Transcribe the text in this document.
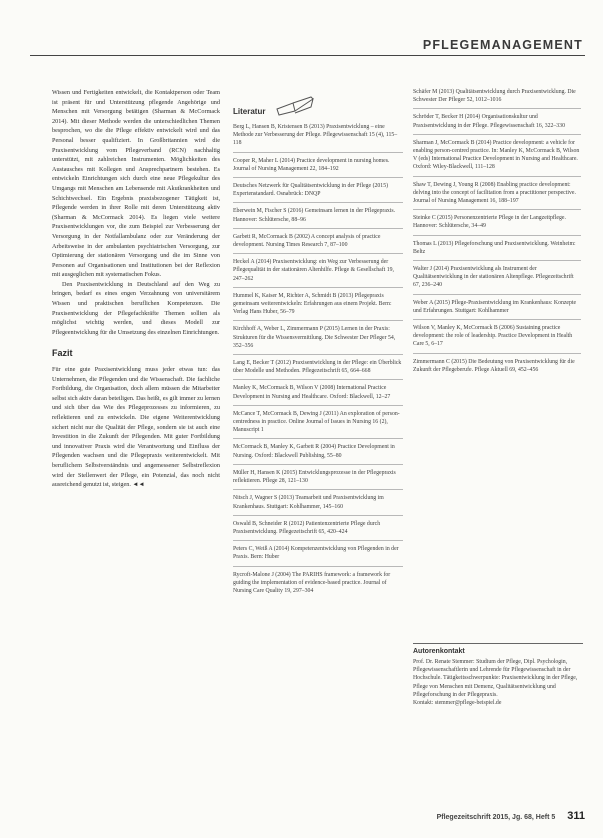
PFLEGEMANAGEMENT

Wissen und Fertigkeiten entwickelt, die Kontaktperson oder Team ist präsent für und Unterstützung pflegende Angehörige und Menschen mit Versorgung betätigen (Sharman & McCormack 2014). Mit dieser Methode werden die unterschiedlichen Themen besprochen, wo die die Pflege effektiv entwickelt wird und das Personal besser qualifiziert. In Großbritannien wird die Praxisentwicklung vom Pflegeverband (RCN) nachhaltig unterstützt, mit zahlreichen Instrumenten. Möglichkeiten des Austausches mit Kollegen und Ansprechpartnern bestehen. Es entwickeln Einrichtungen sich durch eine neue Pflegekultur des Umgangs mit Menschen am Lebensende mit Akutkrankheiten und Schichtwechsel. Ein Ergebnis praxisbezogener Tätigkeit ist, Pflegende werden in ihrer Rolle mit deren Unterstützung aktiv (Sharman & McCormack 2014). Es liegen viele weitere Praxisentwicklungen vor, die zum Beispiel zur Verbesserung der Versorgung in der Notfallambulanz oder zur Veränderung der Arbeitsweise in der ambulanten psychiatrischen Versorgung, zur Optimierung der stationären Versorgung und die im Sinne von Personen auf Organisationen und Institutionen bei der Reflexion mit ausgeglichen mit systematischen Fokus.

Den Praxisentwicklung in Deutschland auf den Weg zu bringen, bedarf es eines engen Verzahnung von universitärem Wissen und praktischen beruflichen Kompetenzen. Die Praxisentwicklung der Pflegefachkräfte Themen sollten als möglichst wichtig werden, und dieses Modell zur Pflegeentwicklung für die Umsetzung des einzelnen Einrichtungen.

Fazit

Für eine gute Praxisentwicklung muss jeder etwas tun: das Unternehmen, die Pflegenden und die Wissenschaft. Die fachliche Fortbildung, die Organisation, doch allem müssen die Mitarbeiter selbst sich aktiv daran beteiligen. Das heißt, es gilt immer zu lernen und sich über das Wie des Pflegeprozesses zu informieren, zu reflektieren und zu entwickeln. Die eigene Weiterentwicklung sichert nicht nur die Qualität der Pflege, sondern sie ist auch eine Investition in die Zukunft der Pflegenden. Mit guter Fortbildung und innovativer Praxis wird die Verantwortung und Einfluss der Pflegenden wachsen und die Pflegepraxis weiterentwickelt. Mit beruflichem Selbstverständnis und angemessener Selbstreflexion wird der Stellenwert der Pflege, ein Potenzial, das noch nicht ausreichend genutzt ist, steigen. ◄◄

Literatur

Berg L, Hansen B, Kristensen B (2013) Praxisentwicklung – eine Methode zur Verbesserung der Pflege. Pflegewissenschaft 15 (4), 115–118

Cooper R, Maher L (2014) Practice development in nursing homes. Journal of Nursing Management 22, 184–192

Deutsches Netzwerk für Qualitätsentwicklung in der Pflege (2015) Expertenstandard. Osnabrück: DNQP

Eberwein M, Fischer S (2016) Gemeinsam lernen in der Pflegepraxis. Hannover: Schlütersche, 88–96

Garbett R, McCormack B (2002) A concept analysis of practice development. Nursing Times Research 7, 87–100

Heckel A (2014) Praxisentwicklung: ein Weg zur Verbesserung der Pflegequalität in der stationären Altenhilfe. Pflege & Gesellschaft 19, 247–262

Hummel K, Kaiser M, Richter A, Schmidt B (2013) Pflegepraxis gemeinsam weiterentwickeln: Erfahrungen aus einem Projekt. Bern: Verlag Hans Huber, 56–79

Kirchhoff A, Weber L, Zimmermann P (2015) Lernen in der Praxis: Strukturen für die Wissensvermittlung. Die Schwester Der Pfleger 54, 352–356

Lang E, Becker T (2012) Praxisentwicklung in der Pflege: ein Überblick über Modelle und Methoden. Pflegezeitschrift 65, 664–668

Manley K, McCormack B, Wilson V (2008) International Practice Development in Nursing and Healthcare. Oxford: Blackwell, 12–27

McCance T, McCormack B, Dewing J (2011) An exploration of person-centredness in practice. Online Journal of Issues in Nursing 16 (2), Manuscript 1

McCormack B, Manley K, Garbett R (2004) Practice Development in Nursing. Oxford: Blackwell Publishing, 55–80

Müller H, Hansen K (2015) Entwicklungsprozesse in der Pflegepraxis reflektieren. Pflege 28, 121–130

Nitsch J, Wagner S (2013) Teamarbeit und Praxisentwicklung im Krankenhaus. Stuttgart: Kohlhammer, 145–160

Oswald B, Schneider R (2012) Patientenzentrierte Pflege durch Praxisentwicklung. Pflegezeitschrift 65, 420–424

Peters C, Weiß A (2014) Kompetenzentwicklung von Pflegenden in der Praxis. Bern: Huber

Rycroft-Malone J (2004) The PARIHS framework: a framework for guiding the implementation of evidence-based practice. Journal of Nursing Care Quality 19, 297–304

Schäfer M (2013) Qualitätsentwicklung durch Praxisentwicklung. Die Schwester Der Pfleger 52, 1012–1016

Schröder T, Becker H (2014) Organisationskultur und Praxisentwicklung in der Pflege. Pflegewissenschaft 16, 322–330

Sharman J, McCormack B (2014) Practice development: a vehicle for enabling person-centred practice. In: Manley K, McCormack B, Wilson V (eds) International Practice Development in Nursing and Healthcare. Oxford: Wiley-Blackwell, 111–128

Shaw T, Dewing J, Young R (2008) Enabling practice development: delving into the concept of facilitation from a practitioner perspective. Journal of Nursing Management 16, 188–197

Steinke C (2015) Personenzentrierte Pflege in der Langzeitpflege. Hannover: Schlütersche, 34–49

Thomas L (2013) Pflegeforschung und Praxisentwicklung. Weinheim: Beltz

Walter J (2014) Praxisentwicklung als Instrument der Qualitätsentwicklung in der stationären Altenpflege. Pflegezeitschrift 67, 236–240

Weber A (2015) Pflege-Praxisentwicklung im Krankenhaus: Konzepte und Erfahrungen. Stuttgart: Kohlhammer

Wilson V, Manley K, McCormack B (2006) Sustaining practice development: the role of leadership. Practice Development in Health Care 5, 6–17

Zimmermann C (2015) Die Bedeutung von Praxisentwicklung für die Zukunft der Pflegeberufe. Pflege Aktuell 69, 452–456

Autorenkontakt

Prof. Dr. Renate Stemmer: Studium der Pflege, Dipl. Psychologin, Pflegewissenschaftlerin und Lehrende für Pflegewissenschaft in der Hochschule. Tätigkeitsschwerpunkte: Praxisentwicklung in der Pflege, Pflege von Menschen mit Demenz, Qualitätsentwicklung und Pflegeforschung in der Pflegepraxis.

Kontakt: stemmer@pflege-beispiel.de

Pflegezeitschrift 2015, Jg. 68, Heft 5 311
